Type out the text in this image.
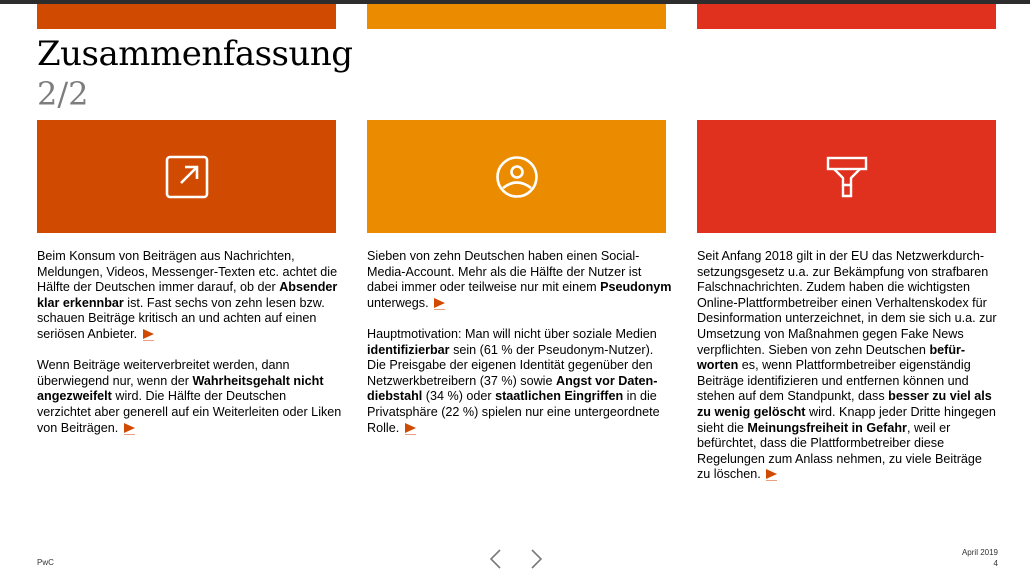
Zusammenfassung
2/2

Beim Konsum von Beiträgen aus Nachrichten, Meldungen, Videos, Messenger-Texten etc. achtet die Hälfte der Deutschen immer darauf, ob der Absender klar erkennbar ist. Fast sechs von zehn lesen bzw. schauen Beiträge kritisch an und achten auf einen seriösen Anbieter.

Wenn Beiträge weiterverbreitet werden, dann überwiegend nur, wenn der Wahrheitsgehalt nicht angezweifelt wird. Die Hälfte der Deutschen verzichtet aber generell auf ein Weiterleiten oder Liken von Beiträgen.

Sieben von zehn Deutschen haben einen Social-Media-Account. Mehr als die Hälfte der Nutzer ist dabei immer oder teilweise nur mit einem Pseudonym unterwegs.

Hauptmotivation: Man will nicht über soziale Medien identifizierbar sein (61 % der Pseudonym-Nutzer). Die Preisgabe der eigenen Identität gegenüber den Netzwerkbetreibern (37 %) sowie Angst vor Datendiebstahl (34 %) oder staatlichen Eingriffen in die Privatsphäre (22 %) spielen nur eine untergeordnete Rolle.

Seit Anfang 2018 gilt in der EU das Netzwerkdurchsetzungsgesetz u.a. zur Bekämpfung von strafbaren Falschnachrichten. Zudem haben die wichtigsten Online-Plattformbetreiber einen Verhaltenskodex für Desinformation unterzeichnet, in dem sie sich u.a. zur Umsetzung von Maßnahmen gegen Fake News verpflichten. Sieben von zehn Deutschen befürworten es, wenn Plattformbetreiber eigenständig Beiträge identifizieren und entfernen können und stehen auf dem Standpunkt, dass besser zu viel als zu wenig gelöscht wird. Knapp jeder Dritte hingegen sieht die Meinungsfreiheit in Gefahr, weil er befürchtet, dass die Plattformbetreiber diese Regelungen zum Anlass nehmen, zu viele Beiträge zu löschen.

PwC
April 2019
4
